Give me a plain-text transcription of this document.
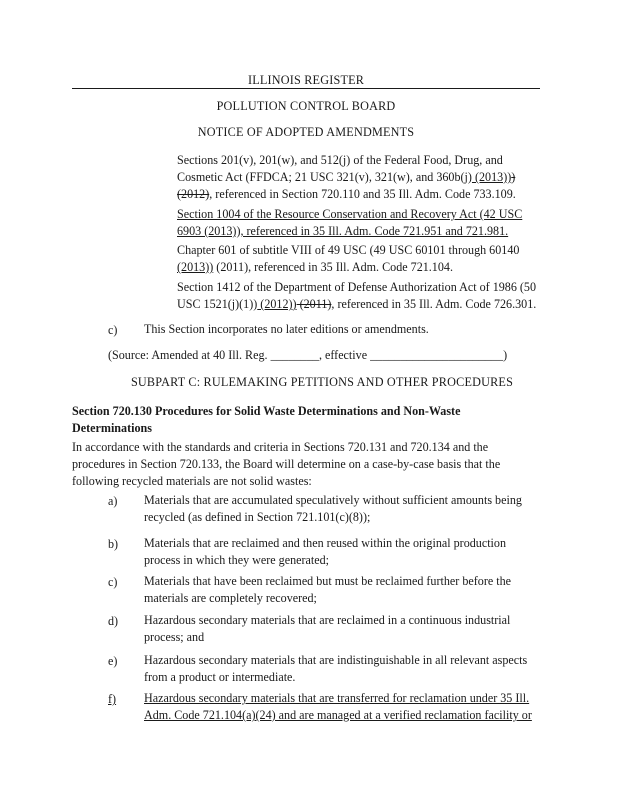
ILLINOIS REGISTER
POLLUTION CONTROL BOARD
NOTICE OF ADOPTED AMENDMENTS
Sections 201(v), 201(w), and 512(j) of the Federal Food, Drug, and
Cosmetic Act (FFDCA; 21 USC 321(v), 321(w), and 360b(j) (2013)))
(2012), referenced in Section 720.110 and 35 Ill. Adm. Code 733.109.
Section 1004 of the Resource Conservation and Recovery Act (42 USC
6903 (2013)), referenced in 35 Ill. Adm. Code 721.951 and 721.981.
Chapter 601 of subtitle VIII of 49 USC (49 USC 60101 through 60140
(2013)) (2011), referenced in 35 Ill. Adm. Code 721.104.
Section 1412 of the Department of Defense Authorization Act of 1986 (50
USC 1521(j)(1)) (2012)) (2011), referenced in 35 Ill. Adm. Code 726.301.
c) This Section incorporates no later editions or amendments.
(Source: Amended at 40 Ill. Reg. ________, effective ______________________)
SUBPART C: RULEMAKING PETITIONS AND OTHER PROCEDURES
Section 720.130 Procedures for Solid Waste Determinations and Non-Waste
Determinations
In accordance with the standards and criteria in Sections 720.131 and 720.134 and the
procedures in Section 720.133, the Board will determine on a case-by-case basis that the
following recycled materials are not solid wastes:
a) Materials that are accumulated speculatively without sufficient amounts being
recycled (as defined in Section 721.101(c)(8));
b) Materials that are reclaimed and then reused within the original production
process in which they were generated;
c) Materials that have been reclaimed but must be reclaimed further before the
materials are completely recovered;
d) Hazardous secondary materials that are reclaimed in a continuous industrial
process; and
e) Hazardous secondary materials that are indistinguishable in all relevant aspects
from a product or intermediate.
f) Hazardous secondary materials that are transferred for reclamation under 35 Ill.
Adm. Code 721.104(a)(24) and are managed at a verified reclamation facility or
